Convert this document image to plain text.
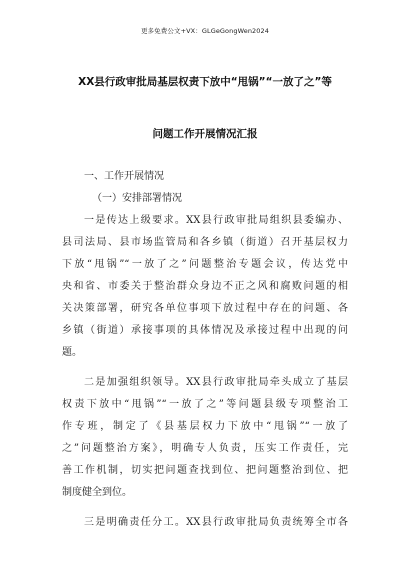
更多免费公文+VX：GLGeGongWen2024
XX县行政审批局基层权责下放中“甩锅”“一放了之”等
问题工作开展情况汇报
一、工作开展情况
（一）安排部署情况
一是传达上级要求。XX县行政审批局组织县委编办、
县司法局、县市场监管局和各乡镇（街道）召开基层权力
下放“甩锅”“一放了之”问题整治专题会议，传达党中
央和省、市委关于整治群众身边不正之风和腐败问题的相
关决策部署，研究各单位事项下放过程中存在的问题、各
乡镇（街道）承接事项的具体情况及承接过程中出现的问
题。
二是加强组织领导。XX县行政审批局牵头成立了基层
权责下放中“甩锅”“一放了之”等问题县级专项整治工
作专班，制定了《县基层权力下放中“甩锅”“一放了
之”问题整治方案》，明确专人负责，压实工作责任，完
善工作机制，切实把问题查找到位、把问题整治到位、把
制度健全到位。
三是明确责任分工。XX县行政审批局负责统筹全市各
